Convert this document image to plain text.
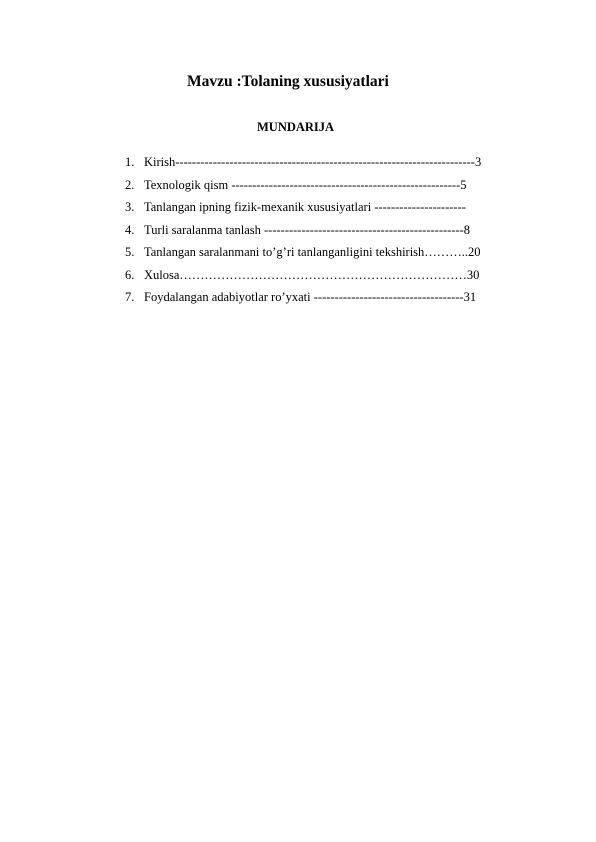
Mavzu :Tolaning xususiyatlari
MUNDARIJA
1. Kirish------------------------------------------------------------------------3
2. Texnologik qism -------------------------------------------------------5
3. Tanlangan ipning fizik-mexanik xususiyatlari ----------------------
4. Turli saralanma tanlash ------------------------------------------------8
5. Tanlangan saralanmani to’g’ri tanlanganligini tekshirish………..20
6. Xulosa……………………………………………………………30
7. Foydalangan adabiyotlar ro’yxati ------------------------------------31
